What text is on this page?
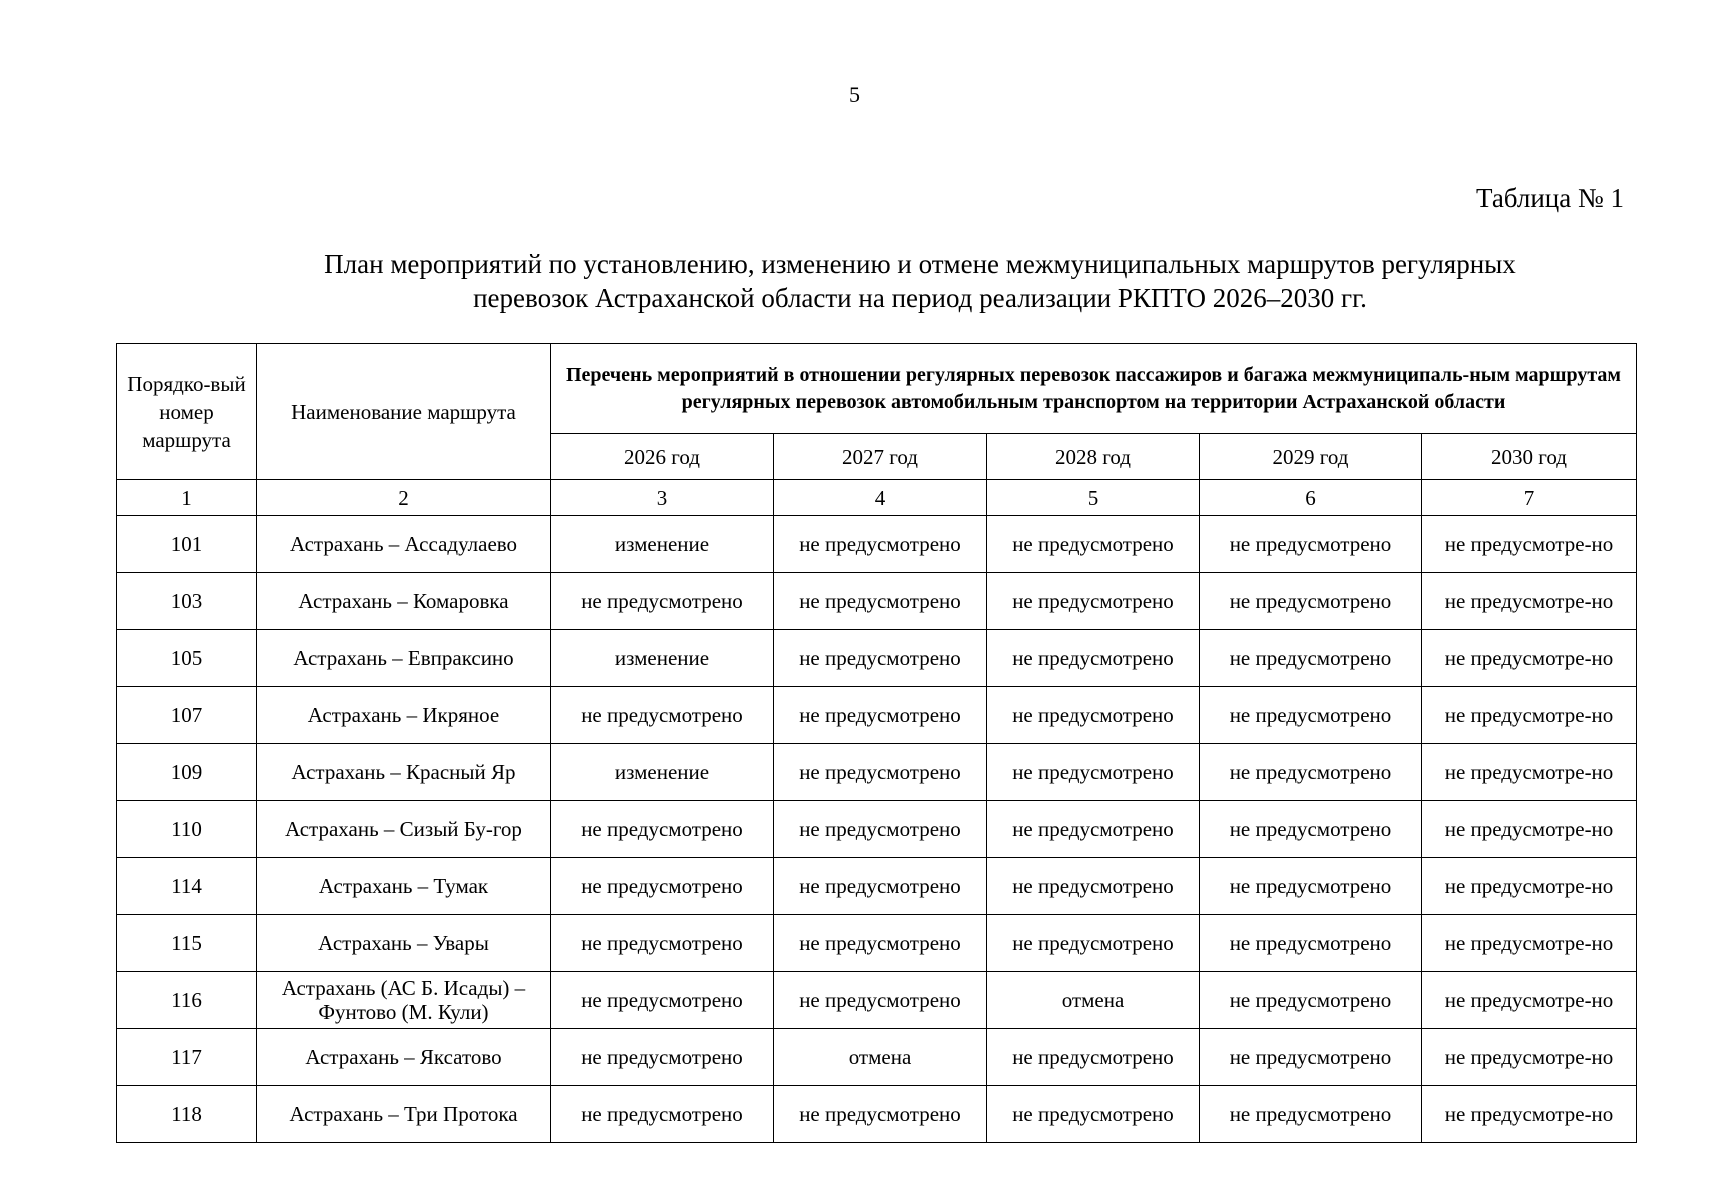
5
Таблица № 1
План мероприятий по установлению, изменению и отмене межмуниципальных маршрутов регулярных
перевозок Астраханской области на период реализации РКПТО 2026–2030 гг.
Порядко-вый номер маршрута	Наименование маршрута	Перечень мероприятий в отношении регулярных перевозок пассажиров и багажа межмуниципаль-ным маршрутам регулярных перевозок автомобильным транспортом на территории Астраханской области				
		2026 год	2027 год	2028 год	2029 год	2030 год
1	2	3	4	5	6	7
101	Астрахань – Ассадулаево	изменение	не предусмотрено	не предусмотрено	не предусмотрено	не предусмотре-но
103	Астрахань – Комаровка	не предусмотрено	не предусмотрено	не предусмотрено	не предусмотрено	не предусмотре-но
105	Астрахань – Евпраксино	изменение	не предусмотрено	не предусмотрено	не предусмотрено	не предусмотре-но
107	Астрахань – Икряное	не предусмотрено	не предусмотрено	не предусмотрено	не предусмотрено	не предусмотре-но
109	Астрахань – Красный Яр	изменение	не предусмотрено	не предусмотрено	не предусмотрено	не предусмотре-но
110	Астрахань – Сизый Бу-гор	не предусмотрено	не предусмотрено	не предусмотрено	не предусмотрено	не предусмотре-но
114	Астрахань – Тумак	не предусмотрено	не предусмотрено	не предусмотрено	не предусмотрено	не предусмотре-но
115	Астрахань – Увары	не предусмотрено	не предусмотрено	не предусмотрено	не предусмотрено	не предусмотре-но
116	Астрахань (АС Б. Исады) – Фунтово (М. Кули)	не предусмотрено	не предусмотрено	отмена	не предусмотрено	не предусмотре-но
117	Астрахань – Яксатово	не предусмотрено	отмена	не предусмотрено	не предусмотрено	не предусмотре-но
118	Астрахань – Три Протока	не предусмотрено	не предусмотрено	не предусмотрено	не предусмотрено	не предусмотре-но
